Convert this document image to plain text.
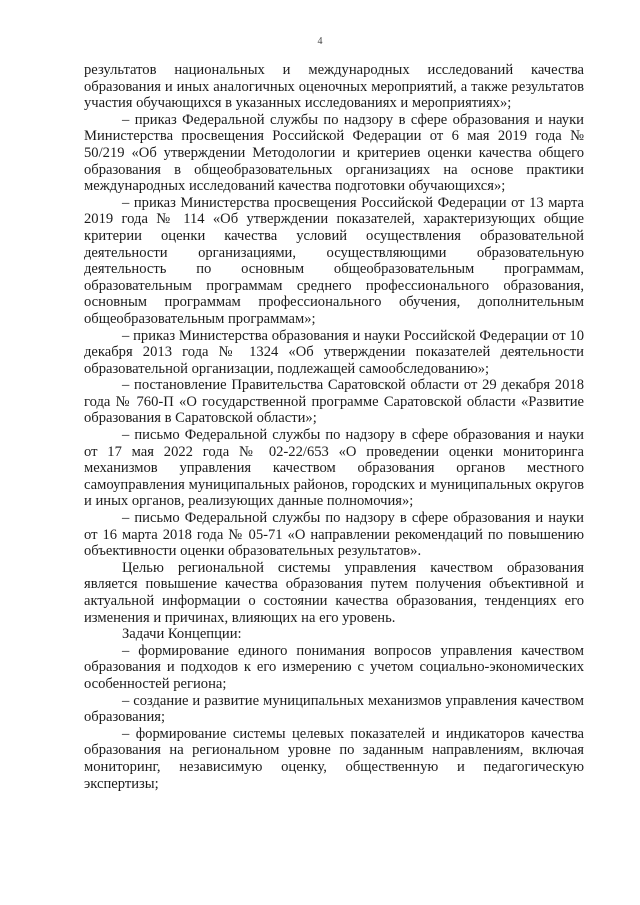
4

результатов национальных и международных исследований качества образования и иных аналогичных оценочных мероприятий, а также результатов участия обучающихся в указанных исследованиях и мероприятиях»;

– приказ Федеральной службы по надзору в сфере образования и науки Министерства просвещения Российской Федерации от 6 мая 2019 года № 50/219 «Об утверждении Методологии и критериев оценки качества общего образования в общеобразовательных организациях на основе практики международных исследований качества подготовки обучающихся»;

– приказ Министерства просвещения Российской Федерации от 13 марта 2019 года № 114 «Об утверждении показателей, характеризующих общие критерии оценки качества условий осуществления образовательной деятельности организациями, осуществляющими образовательную деятельность по основным общеобразовательным программам, образовательным программам среднего профессионального образования, основным программам профессионального обучения, дополнительным общеобразовательным программам»;

– приказ Министерства образования и науки Российской Федерации от 10 декабря 2013 года № 1324 «Об утверждении показателей деятельности образовательной организации, подлежащей самообследованию»;

– постановление Правительства Саратовской области от 29 декабря 2018 года № 760-П «О государственной программе Саратовской области «Развитие образования в Саратовской области»;

– письмо Федеральной службы по надзору в сфере образования и науки от 17 мая 2022 года № 02-22/653 «О проведении оценки мониторинга механизмов управления качеством образования органов местного самоуправления муниципальных районов, городских и муниципальных округов и иных органов, реализующих данные полномочия»;

– письмо Федеральной службы по надзору в сфере образования и науки от 16 марта 2018 года № 05-71 «О направлении рекомендаций по повышению объективности оценки образовательных результатов».

Целью региональной системы управления качеством образования является повышение качества образования путем получения объективной и актуальной информации о состоянии качества образования, тенденциях его изменения и причинах, влияющих на его уровень.

Задачи Концепции:

– формирование единого понимания вопросов управления качеством образования и подходов к его измерению с учетом социально-экономических особенностей региона;

– создание и развитие муниципальных механизмов управления качеством образования;

– формирование системы целевых показателей и индикаторов качества образования на региональном уровне по заданным направлениям, включая мониторинг, независимую оценку, общественную и педагогическую экспертизы;
